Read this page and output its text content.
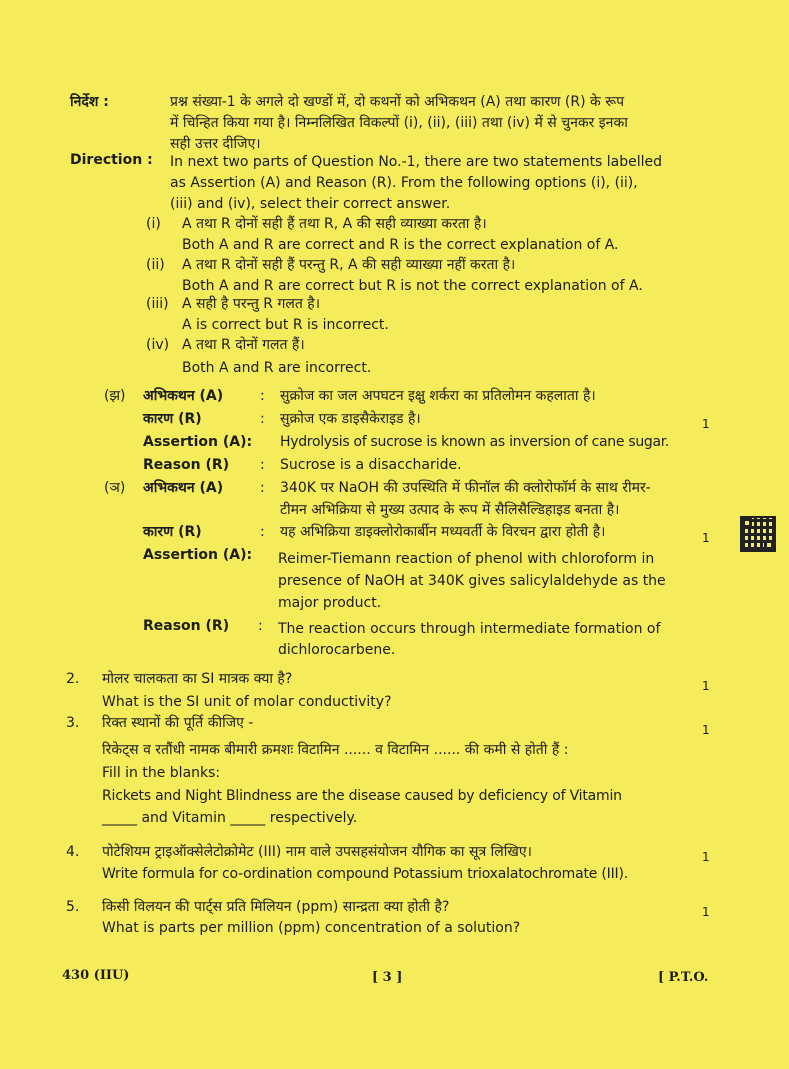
निर्देश :	प्रश्न संख्या-1 के अगले दो खण्डों में, दो कथनों को अभिकथन (A) तथा कारण (R) के रूप
में चिन्हित किया गया है। निम्नलिखित विकल्पों (i), (ii), (iii) तथा (iv) में से चुनकर इनका
सही उत्तर दीजिए।
Direction : In next two parts of Question No.-1, there are two statements labelled
as Assertion (A) and Reason (R). From the following options (i), (ii),
(iii) and (iv), select their correct answer.
(i) A तथा R दोनों सही हैं तथा R, A की सही व्याख्या करता है।
Both A and R are correct and R is the correct explanation of A.
(ii) A तथा R दोनों सही हैं परन्तु R, A की सही व्याख्या नहीं करता है।
Both A and R are correct but R is not the correct explanation of A.
(iii) A सही है परन्तु R गलत है।
A is correct but R is incorrect.
(iv) A तथा R दोनों गलत हैं।
Both A and R are incorrect.
(झ) अभिकथन (A)	: सुक्रोज का जल अपघटन इक्षु शर्करा का प्रतिलोमन कहलाता है।
कारण (R)	: सुक्रोज एक डाइसैकेराइड है।	1
Assertion (A): Hydrolysis of sucrose is known as inversion of cane sugar.
Reason (R) : Sucrose is a disaccharide.
(ञ) अभिकथन (A)	: 340K पर NaOH की उपस्थिति में फीनॉल की क्लोरोफॉर्म के साथ रीमर-
टीमन अभिक्रिया से मुख्य उत्पाद के रूप में सैलिसैल्डिहाइड बनता है।
कारण (R)	: यह अभिक्रिया डाइक्लोरोकार्बीन मध्यवर्ती के विरचन द्वारा होती है।	1
Assertion (A): Reimer-Tiemann reaction of phenol with chloroform in
presence of NaOH at 340K gives salicylaldehyde as the
major product.
Reason (R) : The reaction occurs through intermediate formation of
dichlorocarbene.
2. मोलर चालकता का SI मात्रक क्या है?
What is the SI unit of molar conductivity?
1
3. रिक्त स्थानों की पूर्ति कीजिए -	1
रिकेट्स व रतौंधी नामक बीमारी क्रमशः विटामिन ...... व विटामिन ...... की कमी से होती हैं :
Fill in the blanks:
Rickets and Night Blindness are the disease caused by deficiency of Vitamin
_____ and Vitamin _____ respectively.
4. पोटेशियम ट्राइऑक्सेलेटोक्रोमेट (III) नाम वाले उपसहसंयोजन यौगिक का सूत्र लिखिए।	1
Write formula for co-ordination compound Potassium trioxalatochromate (III).
5. किसी विलयन की पार्ट्स प्रति मिलियन (ppm) सान्द्रता क्या होती है?	1
What is parts per million (ppm) concentration of a solution?
430 (IIU)	[ 3 ]	[ P.T.O.
